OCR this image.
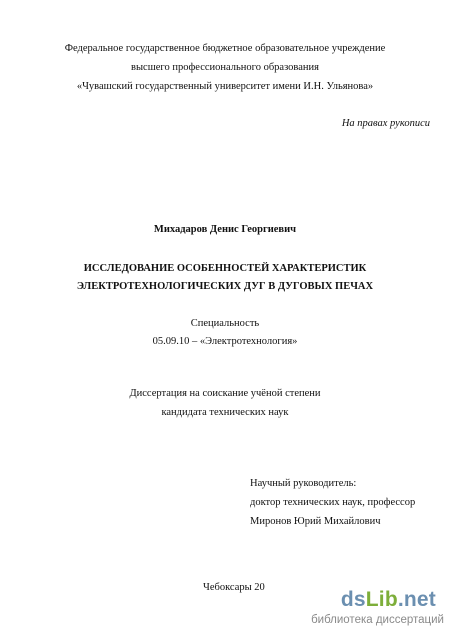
Федеральное государственное бюджетное образовательное учреждение
высшего профессионального образования
«Чувашский государственный университет имени И.Н. Ульянова»
На правах рукописи
Михадаров Денис Георгиевич
ИССЛЕДОВАНИЕ ОСОБЕННОСТЕЙ ХАРАКТЕРИСТИК
ЭЛЕКТРОТЕХНОЛОГИЧЕСКИХ ДУГ В ДУГОВЫХ ПЕЧАХ
Специальность
05.09.10 – «Электротехнология»
Диссертация на соискание учёной степени
кандидата технических наук
Научный руководитель:
доктор технических наук, профессор
Миронов Юрий Михайлович
Чебоксары 20
dsLib.net
библиотека диссертаций
